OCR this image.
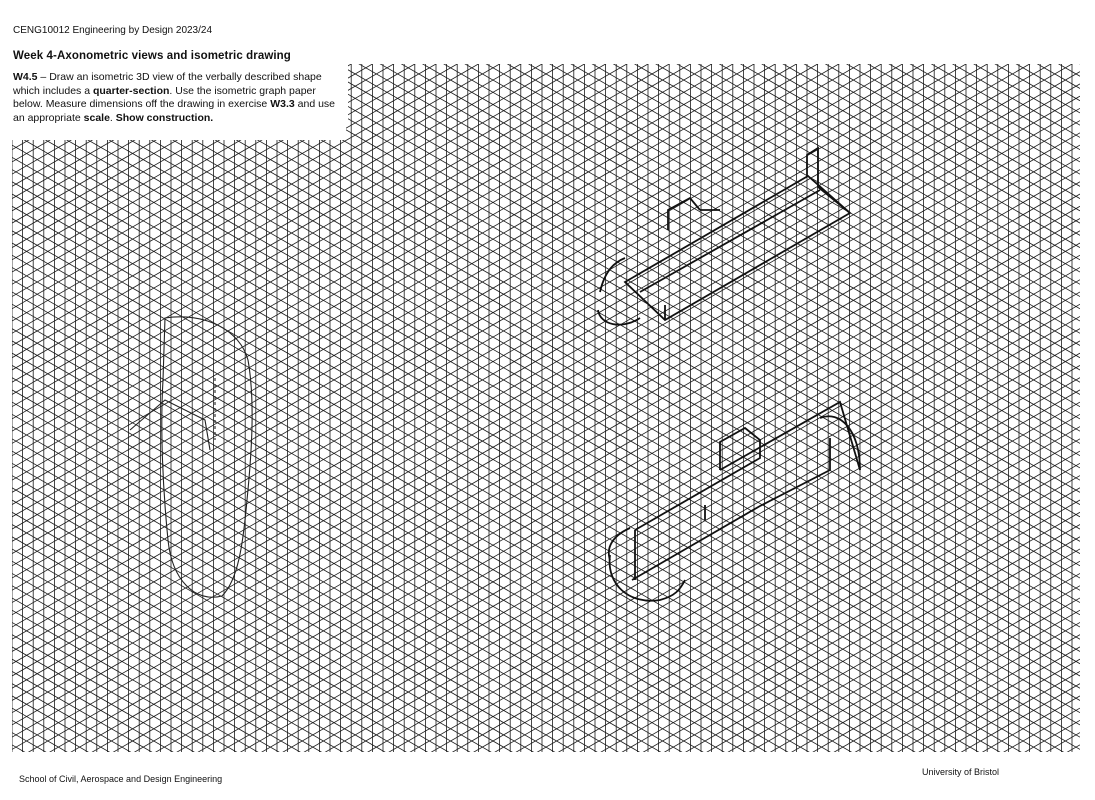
CENG10012 Engineering by Design 2023/24
Week 4-Axonometric views and isometric drawing

W4.5 – Draw an isometric 3D view of the verbally described shape which includes a quarter-section. Use the isometric graph paper below. Measure dimensions off the drawing in exercise W3.3 and use an appropriate scale. Show construction.

School of Civil, Aerospace and Design Engineering
University of Bristol
